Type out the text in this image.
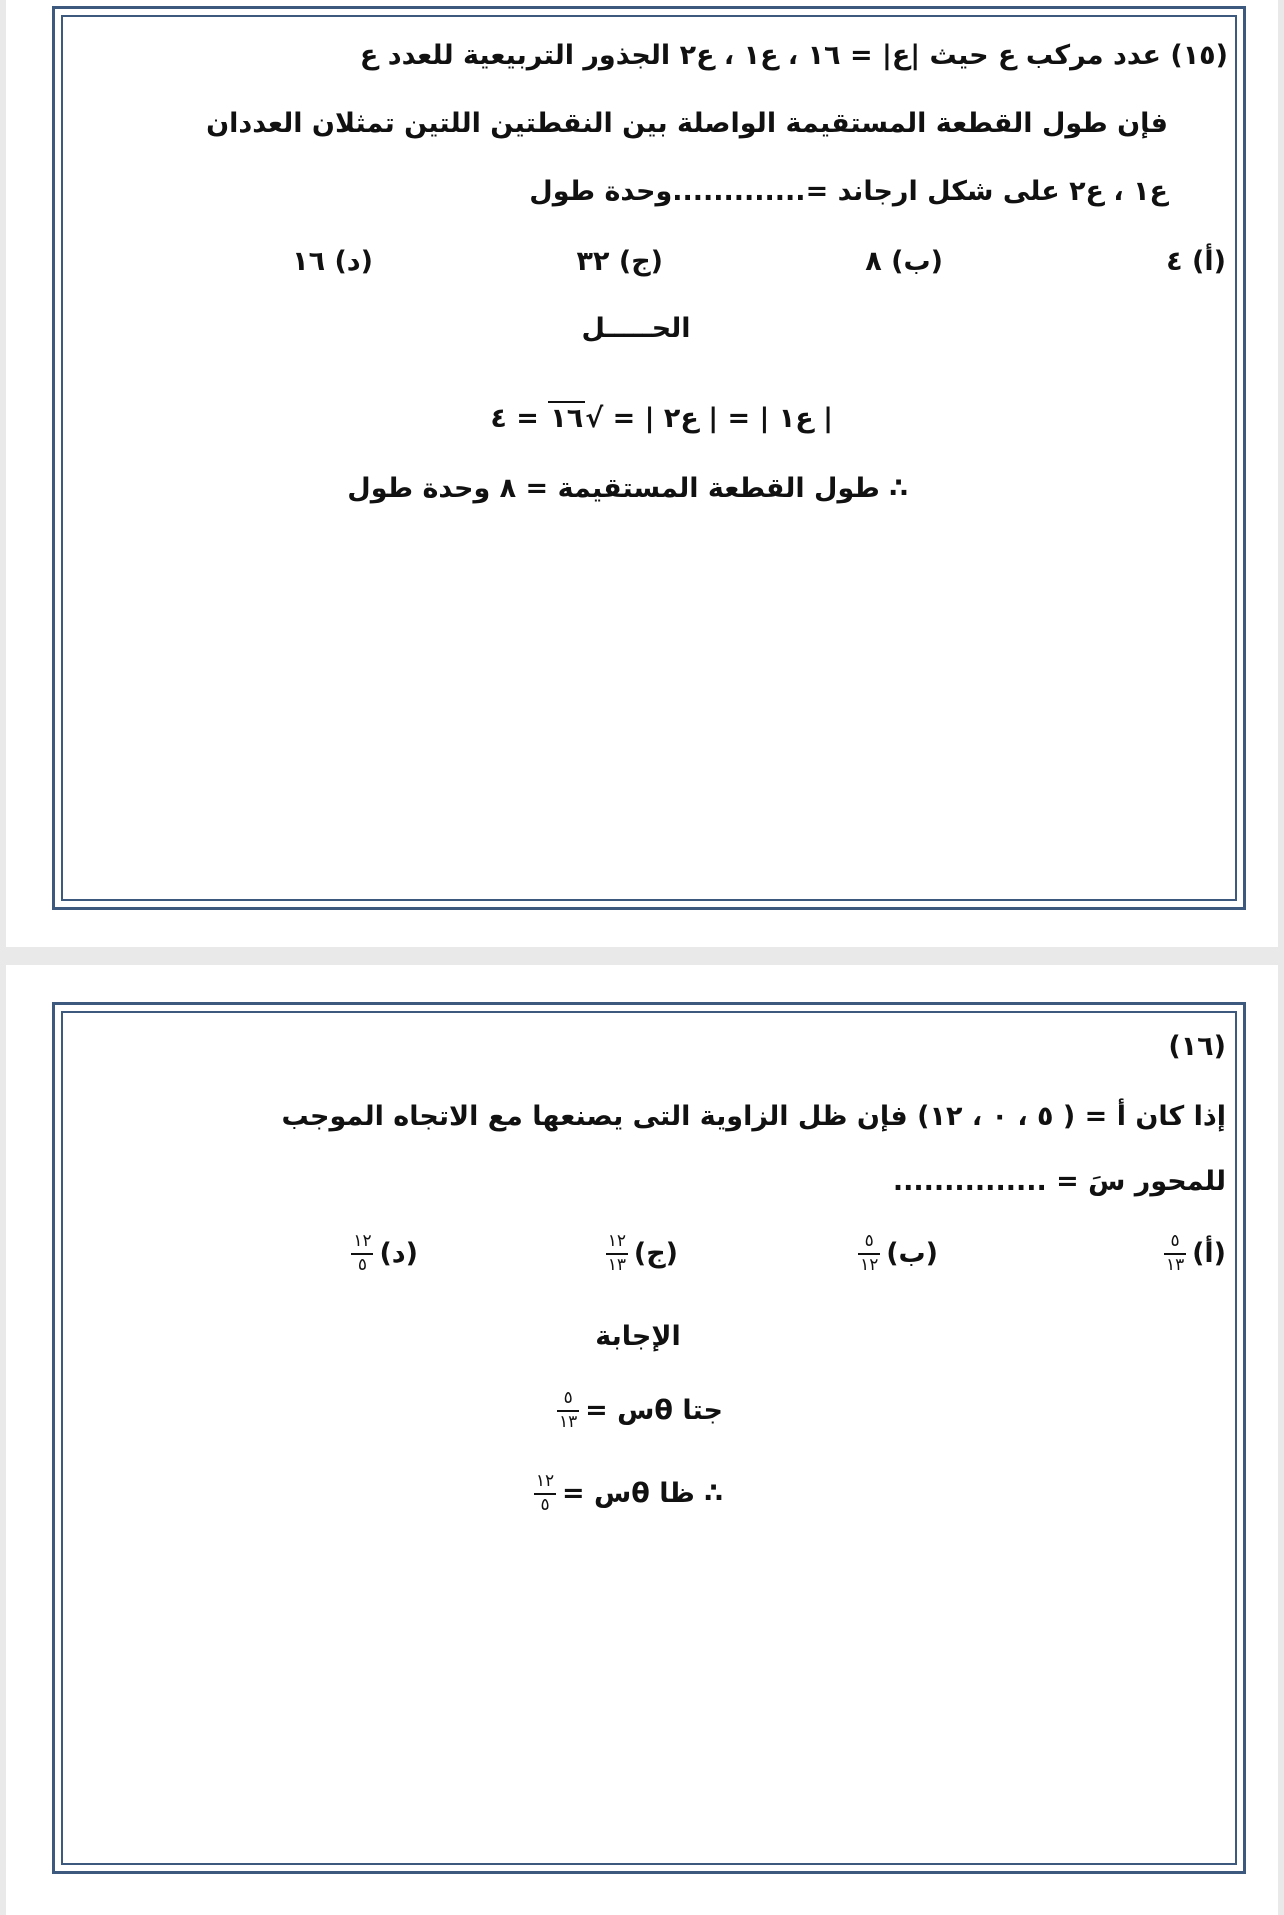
(١٥) عدد مركب ع حيث |ع| = ١٦ ، ع١ ، ع٢ الجذور التربيعية للعدد ع
فإن طول القطعة المستقيمة الواصلة بين النقطتين اللتين تمثلان العددان
ع١ ، ع٢ على شكل ارجاند =.............وحدة طول
(أ) ٤
(ب) ٨
(ج) ٣٢
(د) ١٦
الحـــــل
| ع١ | = | ع٢ | = √١٦ = ٤
∴ طول القطعة المستقيمة = ٨ وحدة طول
(١٦)
إذا كان أ = ( ٥ ، ٠ ، ١٢) فإن ظل الزاوية التى يصنعها مع الاتجاه الموجب
للمحور سَ = ...............
(أ)
$\frac{٥}{١٣}$
(ب)
$\frac{٥}{١٢}$
(ج)
$\frac{١٢}{١٣}$
(د)
$\frac{١٢}{٥}$
الإجابة
جتا θس =
$\frac{٥}{١٣}$
∴ ظا θس =
$\frac{١٢}{٥}$
